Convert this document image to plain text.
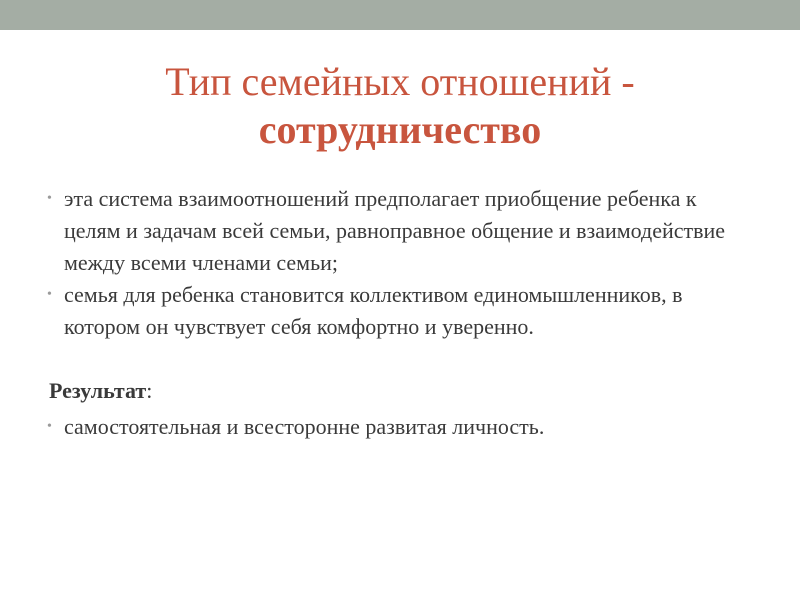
Тип семейных отношений -
сотрудничество
• эта система взаимоотношений предполагает приобщение ребенка к целям и задачам всей семьи, равноправное общение и взаимодействие между всеми членами семьи;
• семья для ребенка становится коллективом единомышленников, в котором он чувствует себя комфортно и уверенно.
Результат:
• самостоятельная и всесторонне развитая личность.
